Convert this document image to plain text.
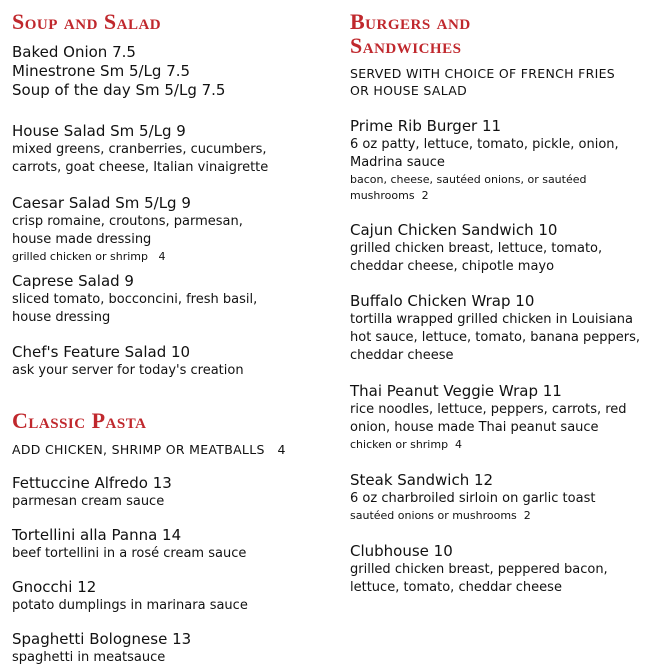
Soup and Salad
Baked Onion 7.5
Minestrone Sm 5/Lg 7.5
Soup of the day Sm 5/Lg 7.5
House Salad Sm 5/Lg 9
mixed greens, cranberries, cucumbers,
carrots, goat cheese, Italian vinaigrette
Caesar Salad Sm 5/Lg 9
crisp romaine, croutons, parmesan,
house made dressing
grilled chicken or shrimp   4
Caprese Salad 9
sliced tomato, bocconcini, fresh basil,
house dressing
Chef's Feature Salad 10
ask your server for today's creation
Classic Pasta
ADD CHICKEN, SHRIMP OR MEATBALLS   4
Fettuccine Alfredo 13
parmesan cream sauce
Tortellini alla Panna 14
beef tortellini in a rosé cream sauce
Gnocchi 12
potato dumplings in marinara sauce
Spaghetti Bolognese 13
spaghetti in meatsauce
Burgers and
Sandwiches
SERVED WITH CHOICE OF FRENCH FRIES
OR HOUSE SALAD
Prime Rib Burger 11
6 oz patty, lettuce, tomato, pickle, onion,
Madrina sauce
bacon, cheese, sautéed onions, or sautéed
mushrooms  2
Cajun Chicken Sandwich 10
grilled chicken breast, lettuce, tomato,
cheddar cheese, chipotle mayo
Buffalo Chicken Wrap 10
tortilla wrapped grilled chicken in Louisiana
hot sauce, lettuce, tomato, banana peppers,
cheddar cheese
Thai Peanut Veggie Wrap 11
rice noodles, lettuce, peppers, carrots, red
onion, house made Thai peanut sauce
chicken or shrimp  4
Steak Sandwich 12
6 oz charbroiled sirloin on garlic toast
sautéed onions or mushrooms  2
Clubhouse 10
grilled chicken breast, peppered bacon,
lettuce, tomato, cheddar cheese
